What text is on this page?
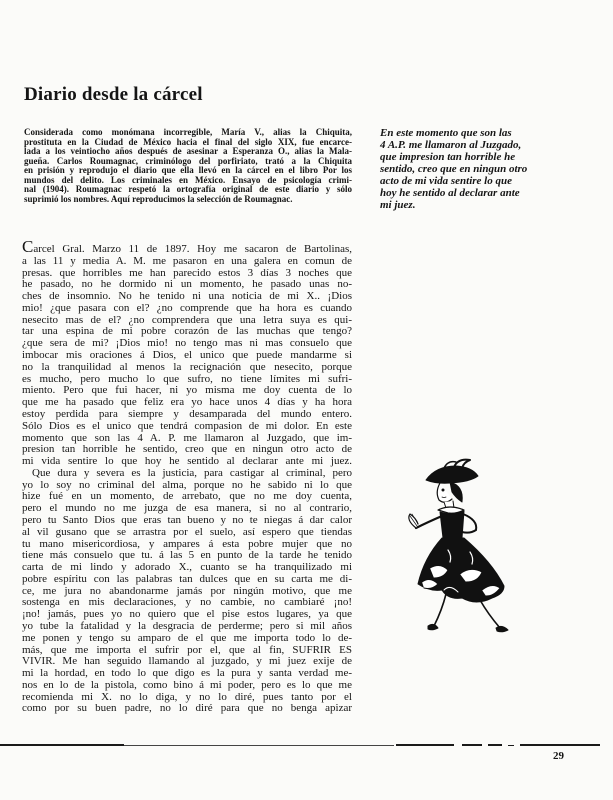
Diario desde la cárcel
Considerada como monómana incorregible, María V., alias la Chiquita,
prostituta en la Ciudad de México hacia el final del siglo XIX, fue encarce-
lada a los veintiocho años después de asesinar a Esperanza O., alias la Mala-
gueña. Carlos Roumagnac, criminólogo del porfiriato, trató a la Chiquita
en prisión y reprodujo el diario que ella llevó en la cárcel en el libro Por los
mundos del delito. Los criminales en México. Ensayo de psicología crimi-
nal (1904). Roumagnac respetó la ortografía original de este diario y sólo
suprimió los nombres. Aquí reproducimos la selección de Roumagnac.
En este momento que son las
4 A.P. me llamaron al Juzgado,
que impresion tan horrible he
sentido, creo que en ningun otro
acto de mi vida sentire lo que
hoy he sentido al declarar ante
mi juez.
Carcel Gral. Marzo 11 de 1897. Hoy me sacaron de Bartolinas,
a las 11 y media A. M. me pasaron en una galera en comun de
presas. que horribles me han parecido estos 3 días 3 noches que
he pasado, no he dormido ni un momento, he pasado unas no-
ches de insomnio. No he tenido ni una noticia de mi X.. ¡Dios
mio! ¿que pasara con el? ¿no comprende que ha hora es cuando
nesecito mas de el? ¿no comprendera que una letra suya es qui-
tar una espina de mi pobre corazón de las muchas que tengo?
¿que sera de mi? ¡Dios mio! no tengo mas ni mas consuelo que
imbocar mis oraciones á Dios, el unico que puede mandarme si
no la tranquilidad al menos la recignación que nesecito, porque
es mucho, pero mucho lo que sufro, no tiene límites mi sufri-
miento. Pero que fui hacer, ni yo misma me doy cuenta de lo
que me ha pasado que feliz era yo hace unos 4 días y ha hora
estoy perdida para siempre y desamparada del mundo entero.
Sólo Dios es el unico que tendrá compasion de mi dolor. En este
momento que son las 4 A. P. me llamaron al Juzgado, que im-
presion tan horrible he sentido, creo que en ningun otro acto de
mi vida sentire lo que hoy he sentido al declarar ante mi juez.
Que dura y severa es la justicia, para castigar al criminal, pero
yo lo soy no criminal del alma, porque no he sabido ni lo que
hize fué en un momento, de arrebato, que no me doy cuenta,
pero el mundo no me juzga de esa manera, si no al contrario,
pero tu Santo Dios que eras tan bueno y no te niegas á dar calor
al vil gusano que se arrastra por el suelo, así espero que tiendas
tu mano misericordiosa, y ampares á esta pobre mujer que no
tiene más consuelo que tu. á las 5 en punto de la tarde he tenido
carta de mi lindo y adorado X., cuanto se ha tranquilizado mi
pobre espíritu con las palabras tan dulces que en su carta me di-
ce, me jura no abandonarme jamás por ningún motivo, que me
sostenga en mis declaraciones, y no cambie, no cambiaré ¡no!
¡no! jamás, pues yo no quiero que el pise estos lugares, ya que
yo tube la fatalidad y la desgracia de perderme; pero si mil años
me ponen y tengo su amparo de el que me importa todo lo de-
más, que me importa el sufrir por el, que al fin, SUFRIR ES
VIVIR. Me han seguido llamando al juzgado, y mi juez exije de
mi la hordad, en todo lo que digo es la pura y santa verdad me-
nos en lo de la pistola, como bino á mi poder, pero es lo que me
recomienda mi X. no lo diga, y no lo diré, pues tanto por el
como por su buen padre, no lo diré para que no benga apizar
29
